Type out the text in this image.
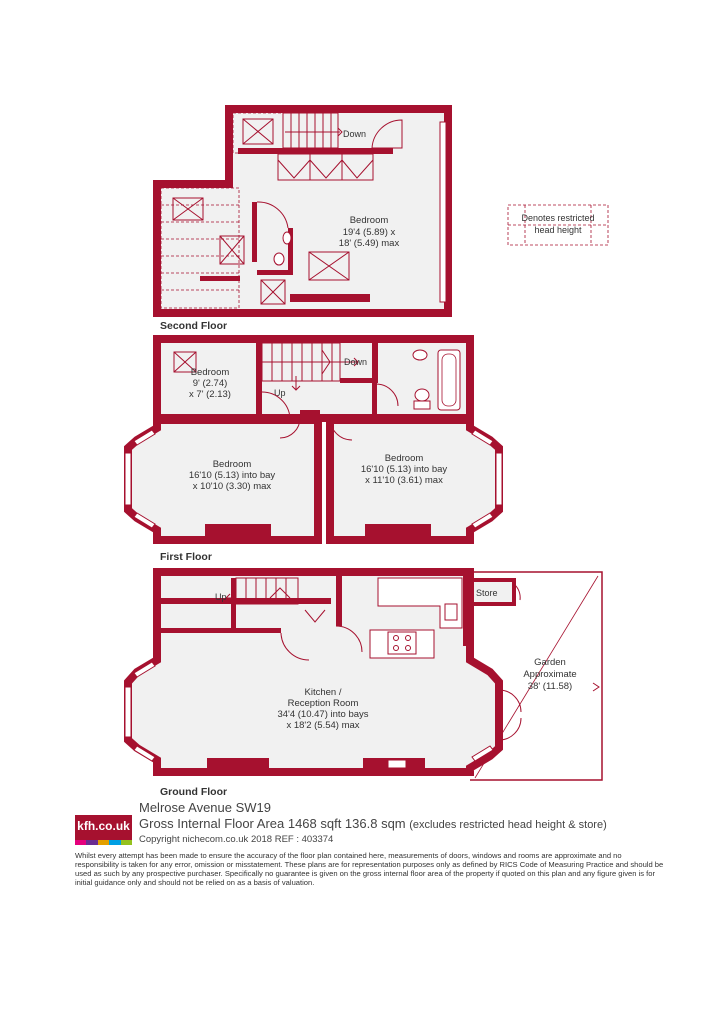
Down
Bedroom
19'4 (5.89) x
18' (5.49) max
Second Floor
Denotes restricted
head height
Down
Up
Bedroom
9' (2.74)
x 7' (2.13)
Bedroom
16'10 (5.13) into bay
x 10'10 (3.30) max
Bedroom
16'10 (5.13) into bay
x 11'10 (3.61) max
First Floor
Store
Up
Kitchen /
Reception Room
34'4 (10.47) into bays
x 18'2 (5.54) max
Garden
Approximate
38' (11.58)
Ground Floor
kfh.co.uk
Melrose Avenue SW19
Gross Internal Floor Area 1468 sqft 136.8 sqm (excludes restricted head height & store)
Copyright nichecom.co.uk 2018 REF : 403374
Whilst every attempt has been made to ensure the accuracy of the floor plan contained here, measurements of doors, windows and rooms are approximate and no responsibility is taken for any error, omission or misstatement. These plans are for representation purposes only as defined by RICS Code of Measuring Practice and should be used as such by any prospective purchaser. Specifically no guarantee is given on the gross internal floor area of the property if quoted on this plan and any figure given is for initial guidance only and should not be relied on as a basis of valuation.
